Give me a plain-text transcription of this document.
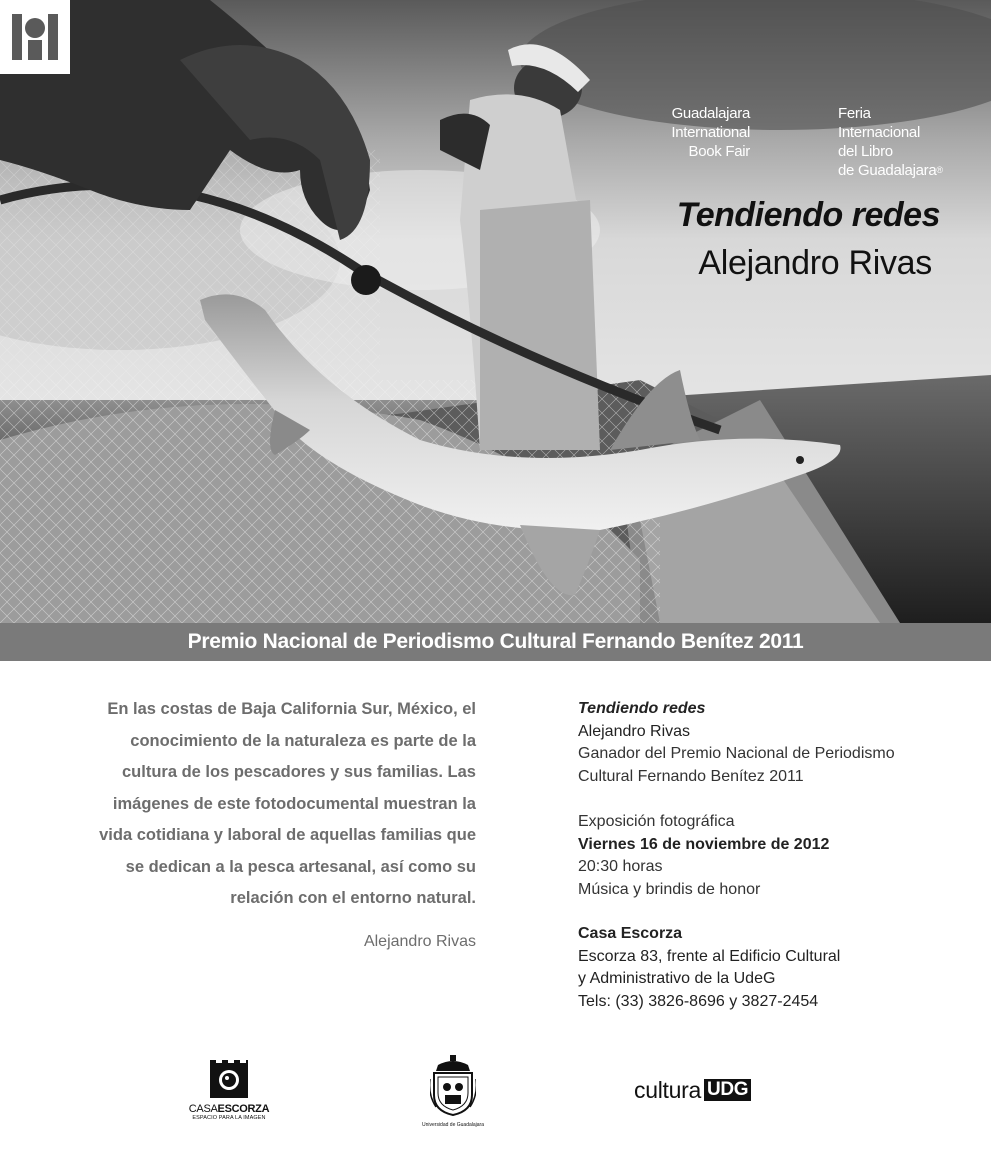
Guadalajara
International
Book Fair
Feria
Internacional
del Libro
de Guadalajara®
Tendiendo redes
Alejandro Rivas
Premio Nacional de Periodismo Cultural Fernando Benítez 2011
En las costas de Baja California Sur, México, el
conocimiento de la naturaleza es parte de la
cultura de los pescadores y sus familias. Las
imágenes de este fotodocumental muestran la
vida cotidiana y laboral de aquellas familias que
se dedican a la pesca artesanal, así como su
relación con el entorno natural.
Alejandro Rivas
Tendiendo redes
Alejandro Rivas
Ganador del Premio Nacional de Periodismo
Cultural Fernando Benítez 2011
Exposición fotográfica
Viernes 16 de noviembre de 2012
20:30 horas
Música y brindis de honor
Casa Escorza
Escorza 83, frente al Edificio Cultural
y Administrativo de la UdeG
Tels: (33) 3826-8696 y 3827-2454
CASAESCORZA
ESPACIO PARA LA IMAGEN
Universidad de Guadalajara
cultura UDG
